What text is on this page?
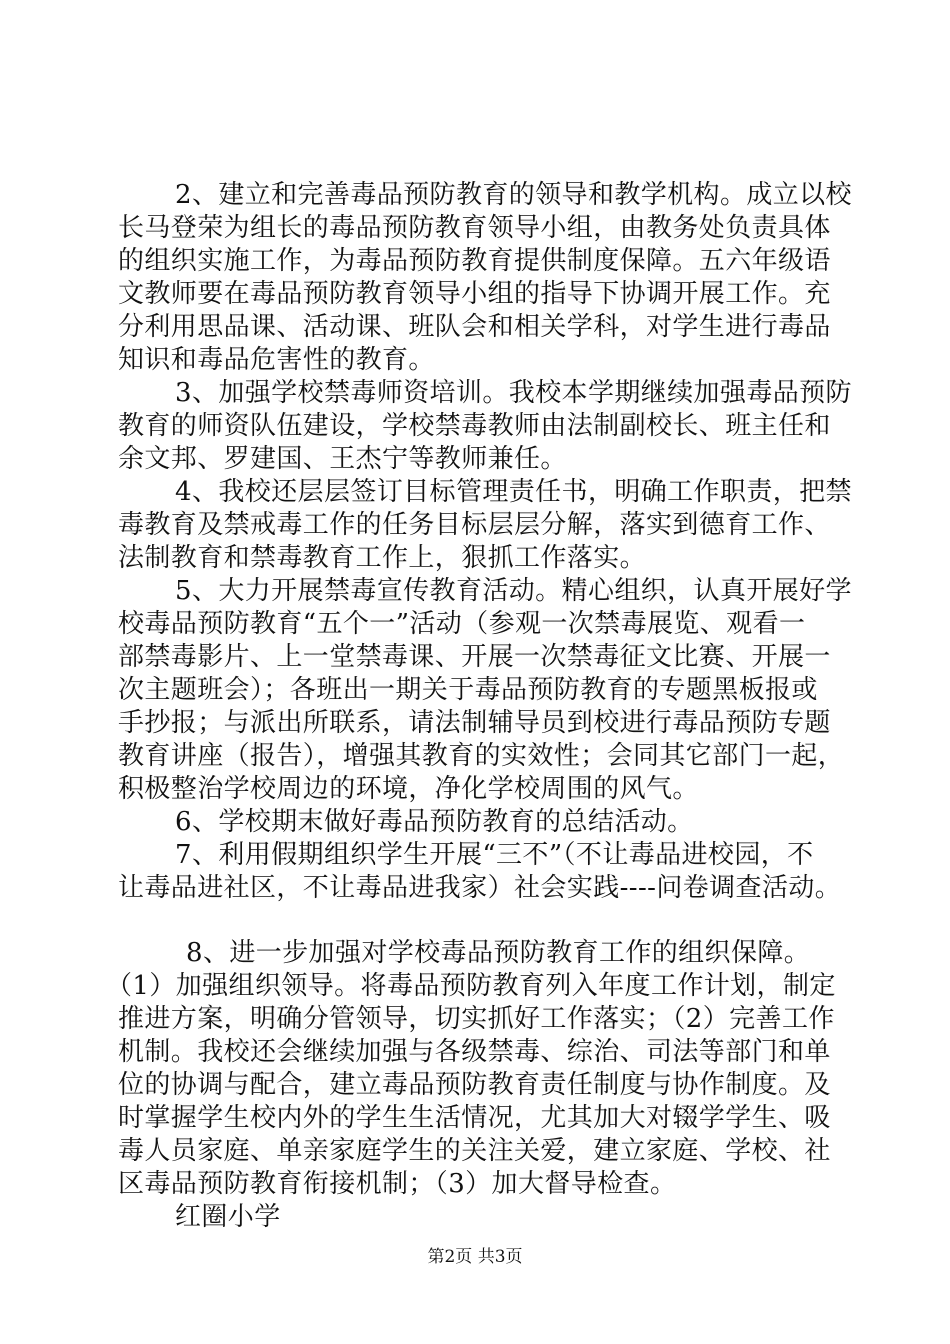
2、建立和完善毒品预防教育的领导和教学机构。成立以校
长马登荣为组长的毒品预防教育领导小组，由教务处负责具体
的组织实施工作，为毒品预防教育提供制度保障。五六年级语
文教师要在毒品预防教育领导小组的指导下协调开展工作。充
分利用思品课、活动课、班队会和相关学科，对学生进行毒品
知识和毒品危害性的教育。
3、加强学校禁毒师资培训。我校本学期继续加强毒品预防
教育的师资队伍建设，学校禁毒教师由法制副校长、班主任和
余文邦、罗建国、王杰宁等教师兼任。
4、我校还层层签订目标管理责任书，明确工作职责，把禁
毒教育及禁戒毒工作的任务目标层层分解，落实到德育工作、
法制教育和禁毒教育工作上，狠抓工作落实。
5、大力开展禁毒宣传教育活动。精心组织，认真开展好学
校毒品预防教育“五个一”活动（参观一次禁毒展览、观看一
部禁毒影片、上一堂禁毒课、开展一次禁毒征文比赛、开展一
次主题班会）；各班出一期关于毒品预防教育的专题黑板报或
手抄报；与派出所联系，请法制辅导员到校进行毒品预防专题
教育讲座（报告），增强其教育的实效性；会同其它部门一起，
积极整治学校周边的环境，净化学校周围的风气。
6、学校期末做好毒品预防教育的总结活动。
7、利用假期组织学生开展“三不”（不让毒品进校园，不
让毒品进社区，不让毒品进我家）社会实践----问卷调查活动。
8、进一步加强对学校毒品预防教育工作的组织保障。
（1）加强组织领导。将毒品预防教育列入年度工作计划，制定
推进方案，明确分管领导，切实抓好工作落实；（2）完善工作
机制。我校还会继续加强与各级禁毒、综治、司法等部门和单
位的协调与配合，建立毒品预防教育责任制度与协作制度。及
时掌握学生校内外的学生生活情况，尤其加大对辍学学生、吸
毒人员家庭、单亲家庭学生的关注关爱，建立家庭、学校、社
区毒品预防教育衔接机制；（3）加大督导检查。
红圈小学
第2页 共3页
